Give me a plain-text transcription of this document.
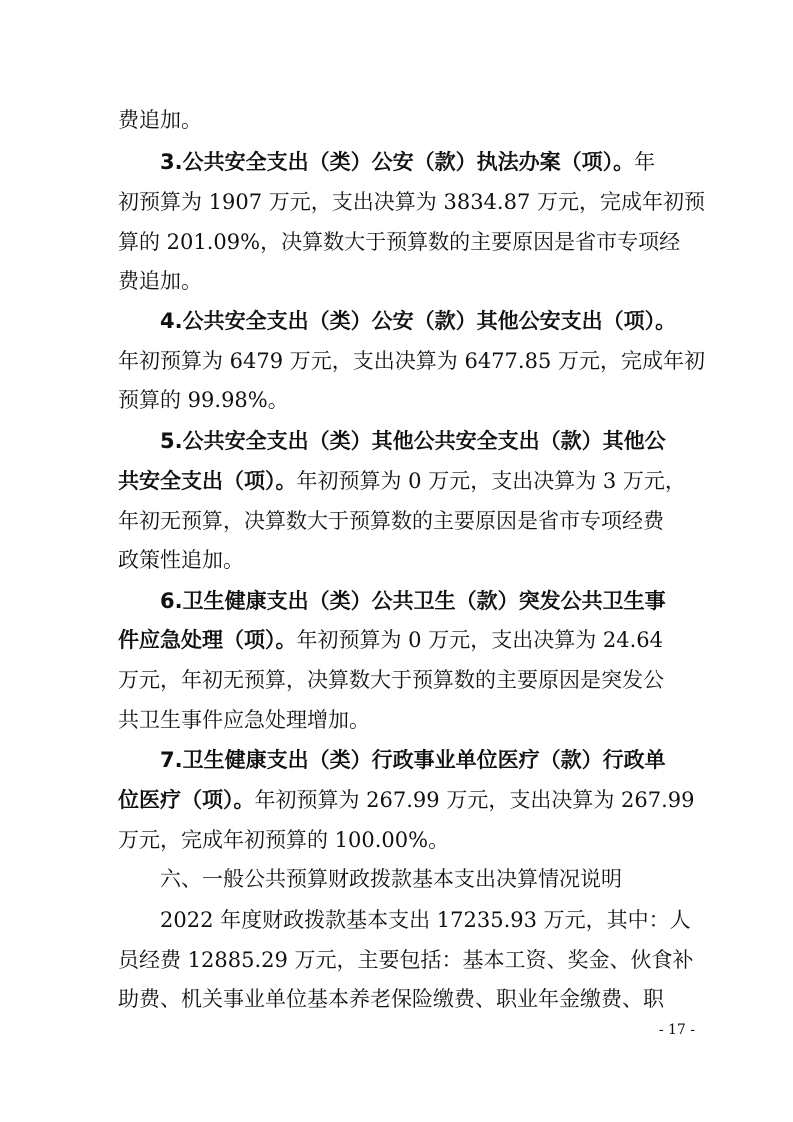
费追加。
3.公共安全支出（类）公安（款）执法办案（项）。年
初预算为 1907 万元，支出决算为 3834.87 万元，完成年初预
算的 201.09%，决算数大于预算数的主要原因是省市专项经
费追加。
4.公共安全支出（类）公安（款）其他公安支出（项）。
年初预算为 6479 万元，支出决算为 6477.85 万元，完成年初
预算的 99.98%。
5.公共安全支出（类）其他公共安全支出（款）其他公
共安全支出（项）。年初预算为 0 万元，支出决算为 3 万元，
年初无预算，决算数大于预算数的主要原因是省市专项经费
政策性追加。
6.卫生健康支出（类）公共卫生（款）突发公共卫生事
件应急处理（项）。年初预算为 0 万元，支出决算为 24.64
万元，年初无预算，决算数大于预算数的主要原因是突发公
共卫生事件应急处理增加。
7.卫生健康支出（类）行政事业单位医疗（款）行政单
位医疗（项）。年初预算为 267.99 万元，支出决算为 267.99
万元，完成年初预算的 100.00%。
六、一般公共预算财政拨款基本支出决算情况说明
2022 年度财政拨款基本支出 17235.93 万元，其中：人
员经费 12885.29 万元，主要包括：基本工资、奖金、伙食补
助费、机关事业单位基本养老保险缴费、职业年金缴费、职
- 17 -
